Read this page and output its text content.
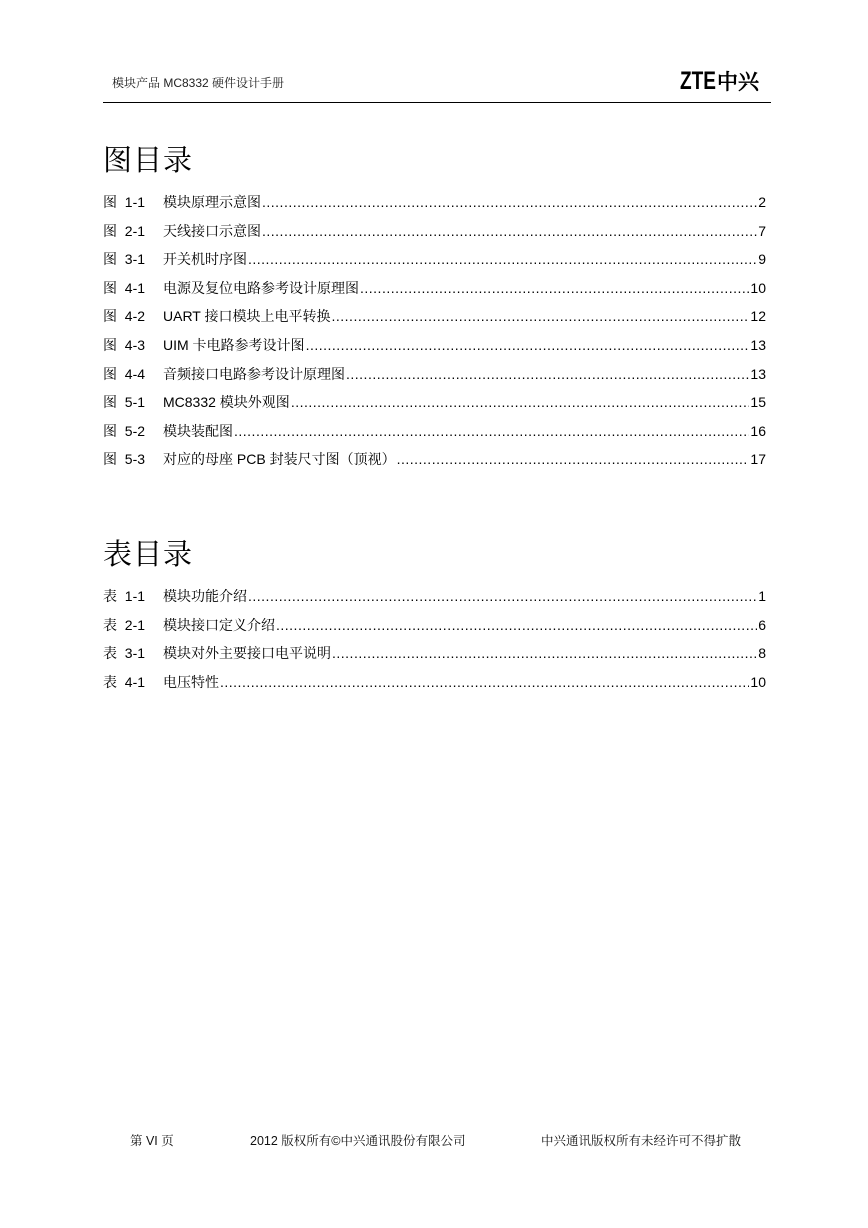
模块产品 MC8332 硬件设计手册	ZTE 中兴
图目录
图  1-1	模块原理示意图 .....	2
图  2-1	天线接口示意图 .....	7
图  3-1	开关机时序图 .....	9
图  4-1	电源及复位电路参考设计原理图 .....	10
图  4-2	UART 接口模块上电平转换 .....	12
图  4-3	UIM 卡电路参考设计图 .....	13
图  4-4	音频接口电路参考设计原理图 .....	13
图  5-1	MC8332 模块外观图 .....	15
图  5-2	模块装配图 .....	16
图  5-3	对应的母座 PCB 封装尺寸图（顶视） .....	17
表目录
表  1-1	模块功能介绍 .....	1
表  2-1	模块接口定义介绍 .....	6
表  3-1	模块对外主要接口电平说明 .....	8
表  4-1	电压特性 .....	10
第 VI 页	2012 版权所有©中兴通讯股份有限公司	中兴通讯版权所有未经许可不得扩散
